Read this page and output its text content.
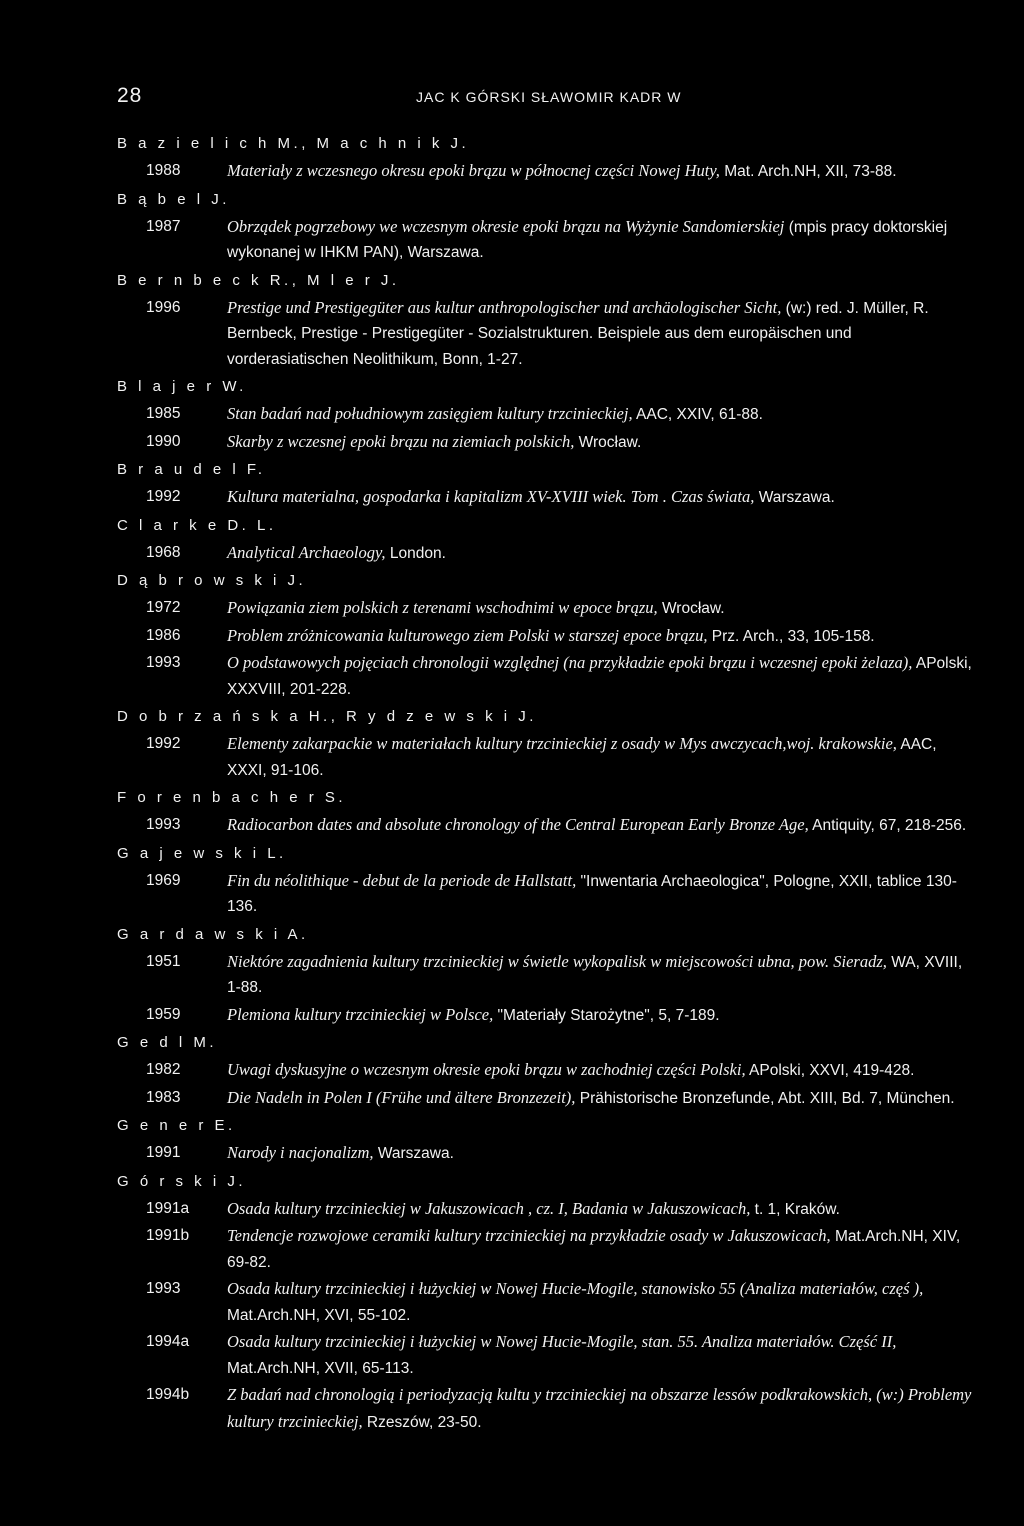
28	JAC K GÓRSKI SŁAWOMIR KADR W
B a z i e l i c h M., M a c h n i k J.
1988	Materiały z wczesnego okresu epoki brązu w północnej części Nowej Huty, Mat. Arch.NH, XII, 73-88.
B ą b e l J.
1987	Obrządek pogrzebowy we wczesnym okresie epoki brązu na Wyżynie Sandomierskiej (mpis pracy doktorskiej wykonanej w IHKM PAN), Warszawa.
B e r n b e c k R., M l e r J.
1996	Prestige und Prestigegüter aus kultur anthropologischer und archäologischer Sicht, (w:) red. J. Müller, R. Bernbeck, Prestige - Prestigegüter - Sozialstrukturen. Beispiele aus dem europäischen und vorderasiatischen Neolithikum, Bonn, 1-27.
B l a j e r W.
1985	Stan badań nad południowym zasięgiem kultury trzcinieckiej, AAC, XXIV, 61-88.
1990	Skarby z wczesnej epoki brązu na ziemiach polskich, Wrocław.
B r a u d e l F.
1992	Kultura materialna, gospodarka i kapitalizm XV-XVIII wiek. Tom . Czas świata, Warszawa.
C l a r k e D. L.
1968	Analytical Archaeology, London.
D ą b r o w s k i J.
1972	Powiązania ziem polskich z terenami wschodnimi w epoce brązu, Wrocław.
1986	Problem zróżnicowania kulturowego ziem Polski w starszej epoce brązu, Prz. Arch., 33, 105-158.
1993	O podstawowych pojęciach chronologii względnej (na przykładzie epoki brązu i wczesnej epoki żelaza), APolski, XXXVIII, 201-228.
D o b r z a ń s k a H., R y d z e w s k i J.
1992	Elementy zakarpackie w materiałach kultury trzcinieckiej z osady w Mys awczycach,woj. krakowskie, AAC, XXXI, 91-106.
F o r e n b a c h e r S.
1993	Radiocarbon dates and absolute chronology of the Central European Early Bronze Age, Antiquity, 67, 218-256.
G a j e w s k i L.
1969	Fin du néolithique - debut de la periode de Hallstatt, "Inwentaria Archaeologica", Pologne, XXII, tablice 130-136.
G a r d a w s k i A.
1951	Niektóre zagadnienia kultury trzcinieckiej w świetle wykopalisk w miejscowości ubna, pow. Sieradz, WA, XVIII, 1-88.
1959	Plemiona kultury trzcinieckiej w Polsce, "Materiały Starożytne", 5, 7-189.
G e d l M.
1982	Uwagi dyskusyjne o wczesnym okresie epoki brązu w zachodniej części Polski, APolski, XXVI, 419-428.
1983	Die Nadeln in Polen I (Frühe und ältere Bronzezeit), Prähistorische Bronzefunde, Abt. XIII, Bd. 7, München.
G e n e r E.
1991	Narody i nacjonalizm, Warszawa.
G ó r s k i J.
1991a	Osada kultury trzcinieckiej w Jakuszowicach , cz. I, Badania w Jakuszowicach, t. 1, Kraków.
1991b	Tendencje rozwojowe ceramiki kultury trzcinieckiej na przykładzie osady w Jakuszowicach, Mat.Arch.NH, XIV, 69-82.
1993	Osada kultury trzcinieckiej i łużyckiej w Nowej Hucie-Mogile, stanowisko 55 (Analiza materiałów, częś ), Mat.Arch.NH, XVI, 55-102.
1994a	Osada kultury trzcinieckiej i łużyckiej w Nowej Hucie-Mogile, stan. 55. Analiza materiałów. Część II, Mat.Arch.NH, XVII, 65-113.
1994b	Z badań nad chronologią i periodyzacją kultu y trzcinieckiej na obszarze lessów podkrakowskich, (w:) Problemy kultury trzcinieckiej, Rzeszów, 23-50.
